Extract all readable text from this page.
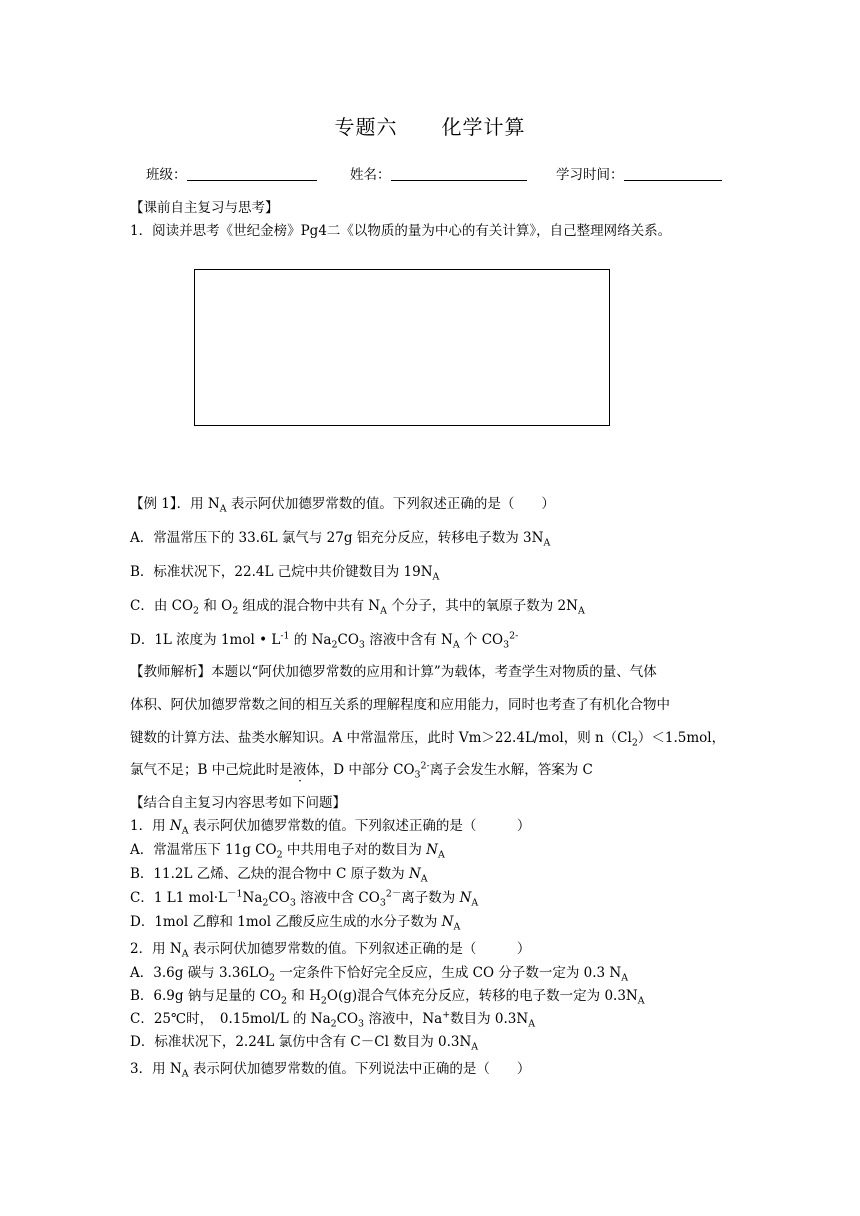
专题六 化学计算
班级：	姓名：	学习时间：
【课前自主复习与思考】
1．阅读并思考《世纪金榜》Pg4二《以物质的量为中心的有关计算》，自己整理网络关系。
【例 1】．用 $N_A$ 表示阿伏加德罗常数的值。下列叙述正确的是（　　）
A．常温常压下的 33.6L 氯气与 27g 铝充分反应，转移电子数为 $3N_A$
B．标准状况下，22.4L 己烷中共价键数目为 $19N_A$
C．由 $CO_2$ 和 $O_2$ 组成的混合物中共有 $N_A$ 个分子，其中的氧原子数为 $2N_A$
D．1L 浓度为 1mol • $L^{-1}$ 的 $Na_2CO_3$ 溶液中含有 $N_A$ 个 $CO_3^{2-}$
【教师解析】本题以“阿伏加德罗常数的应用和计算”为载体，考查学生对物质的量、气体
体积、阿伏加德罗常数之间的相互关系的理解程度和应用能力，同时也考查了有机化合物中
键数的计算方法、盐类水解知识。A 中常温常压，此时 Vm＞22.4L/mol，则 $n(Cl_2)<1.5mol$，
氯气不足；B 中己烷此时是液体，D 中部分 $CO_3^{2-}$离子会发生水解，答案为 C
【结合自主复习内容思考如下问题】
1．用 $N_A$ 表示阿伏加德罗常数的值。下列叙述正确的是（　　　）
A．常温常压下 11g $CO_2$ 中共用电子对的数目为 $N_A$
B．11.2L 乙烯、乙炔的混合物中 C 原子数为 $N_A$
C．1 L1 $mol\cdot L^{-1}Na_2CO_3$ 溶液中含 $CO_3^{2-}$离子数为 $N_A$
D．1mol 乙醇和 1mol 乙酸反应生成的水分子数为 $N_A$
2．用 $N_A$ 表示阿伏加德罗常数的值。下列叙述正确的是（　　　）
A．3.6g 碳与 $3.36LO_2$ 一定条件下恰好完全反应，生成 CO 分子数一定为 0.3 $N_A$
B．6.9g 钠与足量的 $CO_2$ 和 $H_2O(g)$混合气体充分反应，转移的电子数一定为 $0.3N_A$
C．25℃时，　0.15mol/L 的 $Na_2CO_3$ 溶液中，Na+数目为 $0.3N_A$
D．标准状况下，2.24L 氯仿中含有 C－Cl 数目为 $0.3N_A$
3．用 $N_A$ 表示阿伏加德罗常数的值。下列说法中正确的是（　　）
